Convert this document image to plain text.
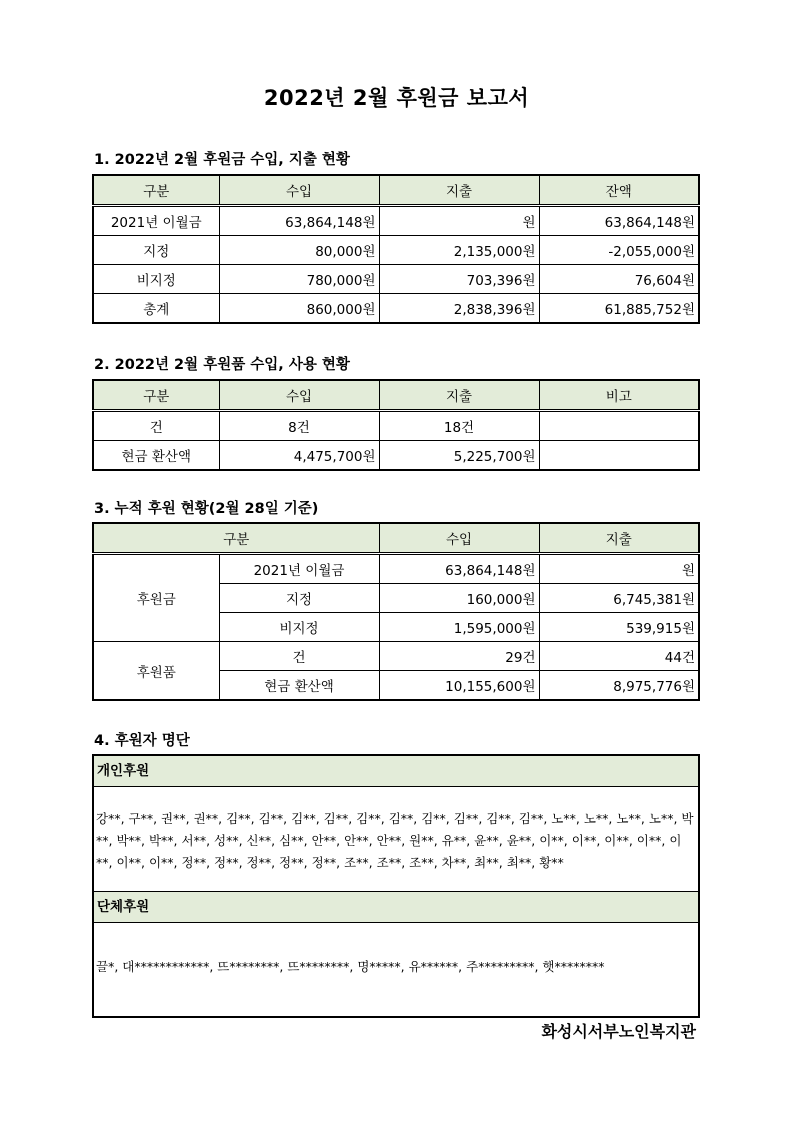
2022년 2월 후원금 보고서
1. 2022년 2월 후원금 수입, 지출 현황
구분	수입	지출	잔액
2021년 이월금	63,864,148원	원	63,864,148원
지정	80,000원	2,135,000원	-2,055,000원
비지정	780,000원	703,396원	76,604원
총계	860,000원	2,838,396원	61,885,752원
2. 2022년 2월 후원품 수입, 사용 현황
구분	수입	지출	비고
건	8건	18건	
현금 환산액	4,475,700원	5,225,700원	
3. 누적 후원 현황(2월 28일 기준)
구분		수입	지출
후원금	2021년 이월금	63,864,148원	원
	지정	160,000원	6,745,381원
	비지정	1,595,000원	539,915원
후원품	건	29건	44건
	현금 환산액	10,155,600원	8,975,776원
4. 후원자 명단
개인후원
강**, 구**, 권**, 권**, 김**, 김**, 김**, 김**, 김**, 김**, 김**, 김**, 김**, 김**, 노**, 노**, 노**, 노**, 박**, 박**, 박**, 서**, 성**, 신**, 심**, 안**, 안**, 안**, 원**, 유**, 윤**, 윤**, 이**, 이**, 이**, 이**, 이**, 이**, 이**, 정**, 정**, 정**, 정**, 정**, 조**, 조**, 조**, 차**, 최**, 최**, 황**
단체후원
끌*, 대************, 뜨********, 뜨********, 명*****, 유******, 주*********, 햇********
화성시서부노인복지관
